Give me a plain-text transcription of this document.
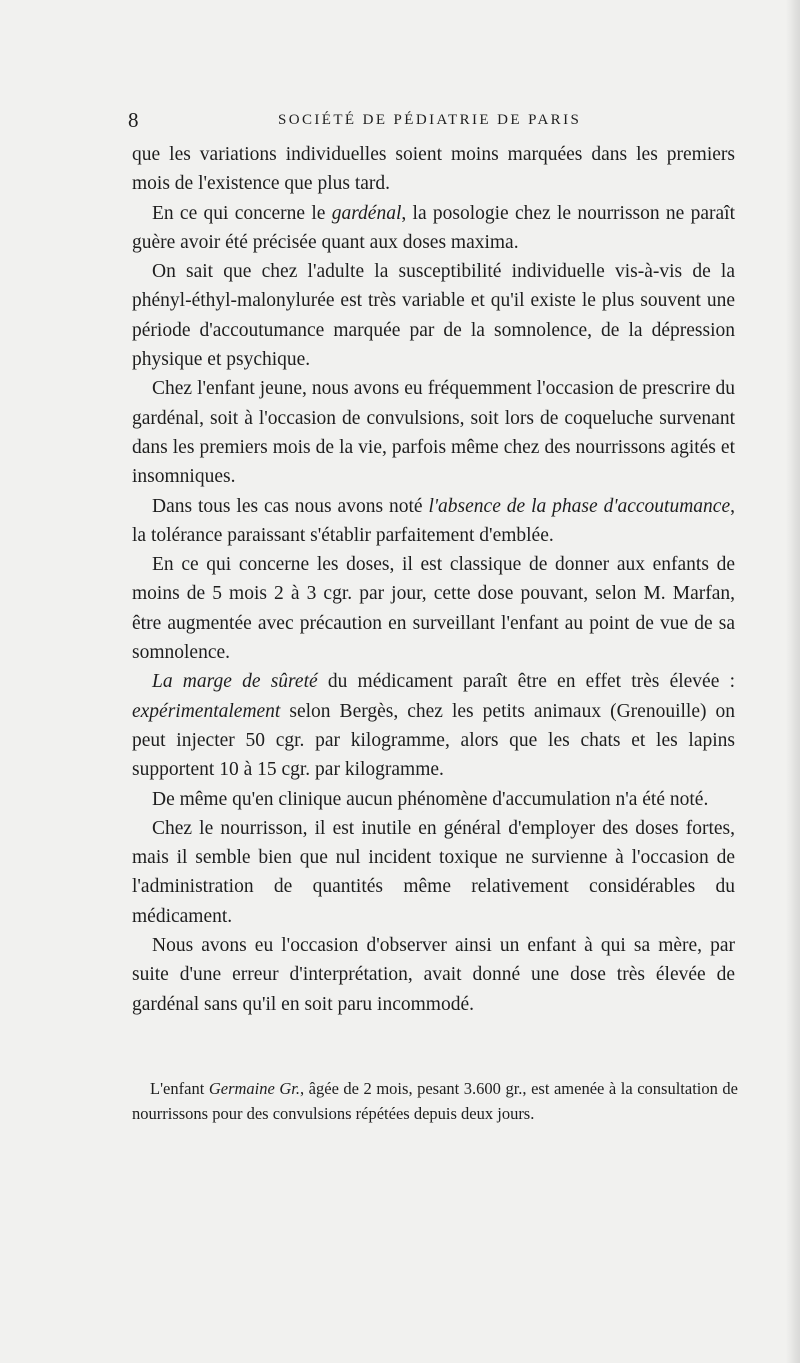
8	SOCIÉTÉ DE PÉDIATRIE DE PARIS

que les variations individuelles soient moins marquées dans les premiers mois de l'existence que plus tard.

En ce qui concerne le gardénal, la posologie chez le nourrisson ne paraît guère avoir été précisée quant aux doses maxima.

On sait que chez l'adulte la susceptibilité individuelle vis-à-vis de la phényl-éthyl-malonylurée est très variable et qu'il existe le plus souvent une période d'accoutumance marquée par de la somnolence, de la dépression physique et psychique.

Chez l'enfant jeune, nous avons eu fréquemment l'occasion de prescrire du gardénal, soit à l'occasion de convulsions, soit lors de coqueluche survenant dans les premiers mois de la vie, parfois même chez des nourrissons agités et insomniques.

Dans tous les cas nous avons noté l'absence de la phase d'accoutumance, la tolérance paraissant s'établir parfaitement d'emblée.

En ce qui concerne les doses, il est classique de donner aux enfants de moins de 5 mois 2 à 3 cgr. par jour, cette dose pouvant, selon M. Marfan, être augmentée avec précaution en surveillant l'enfant au point de vue de sa somnolence.

La marge de sûreté du médicament paraît être en effet très élevée : expérimentalement selon Bergès, chez les petits animaux (Grenouille) on peut injecter 50 cgr. par kilogramme, alors que les chats et les lapins supportent 10 à 15 cgr. par kilogramme.

De même qu'en clinique aucun phénomène d'accumulation n'a été noté.

Chez le nourrisson, il est inutile en général d'employer des doses fortes, mais il semble bien que nul incident toxique ne survienne à l'occasion de l'administration de quantités même relativement considérables du médicament.

Nous avons eu l'occasion d'observer ainsi un enfant à qui sa mère, par suite d'une erreur d'interprétation, avait donné une dose très élevée de gardénal sans qu'il en soit paru incommodé.

L'enfant Germaine Gr., âgée de 2 mois, pesant 3.600 gr., est amenée à la consultation de nourrissons pour des convulsions répétées depuis deux jours.
